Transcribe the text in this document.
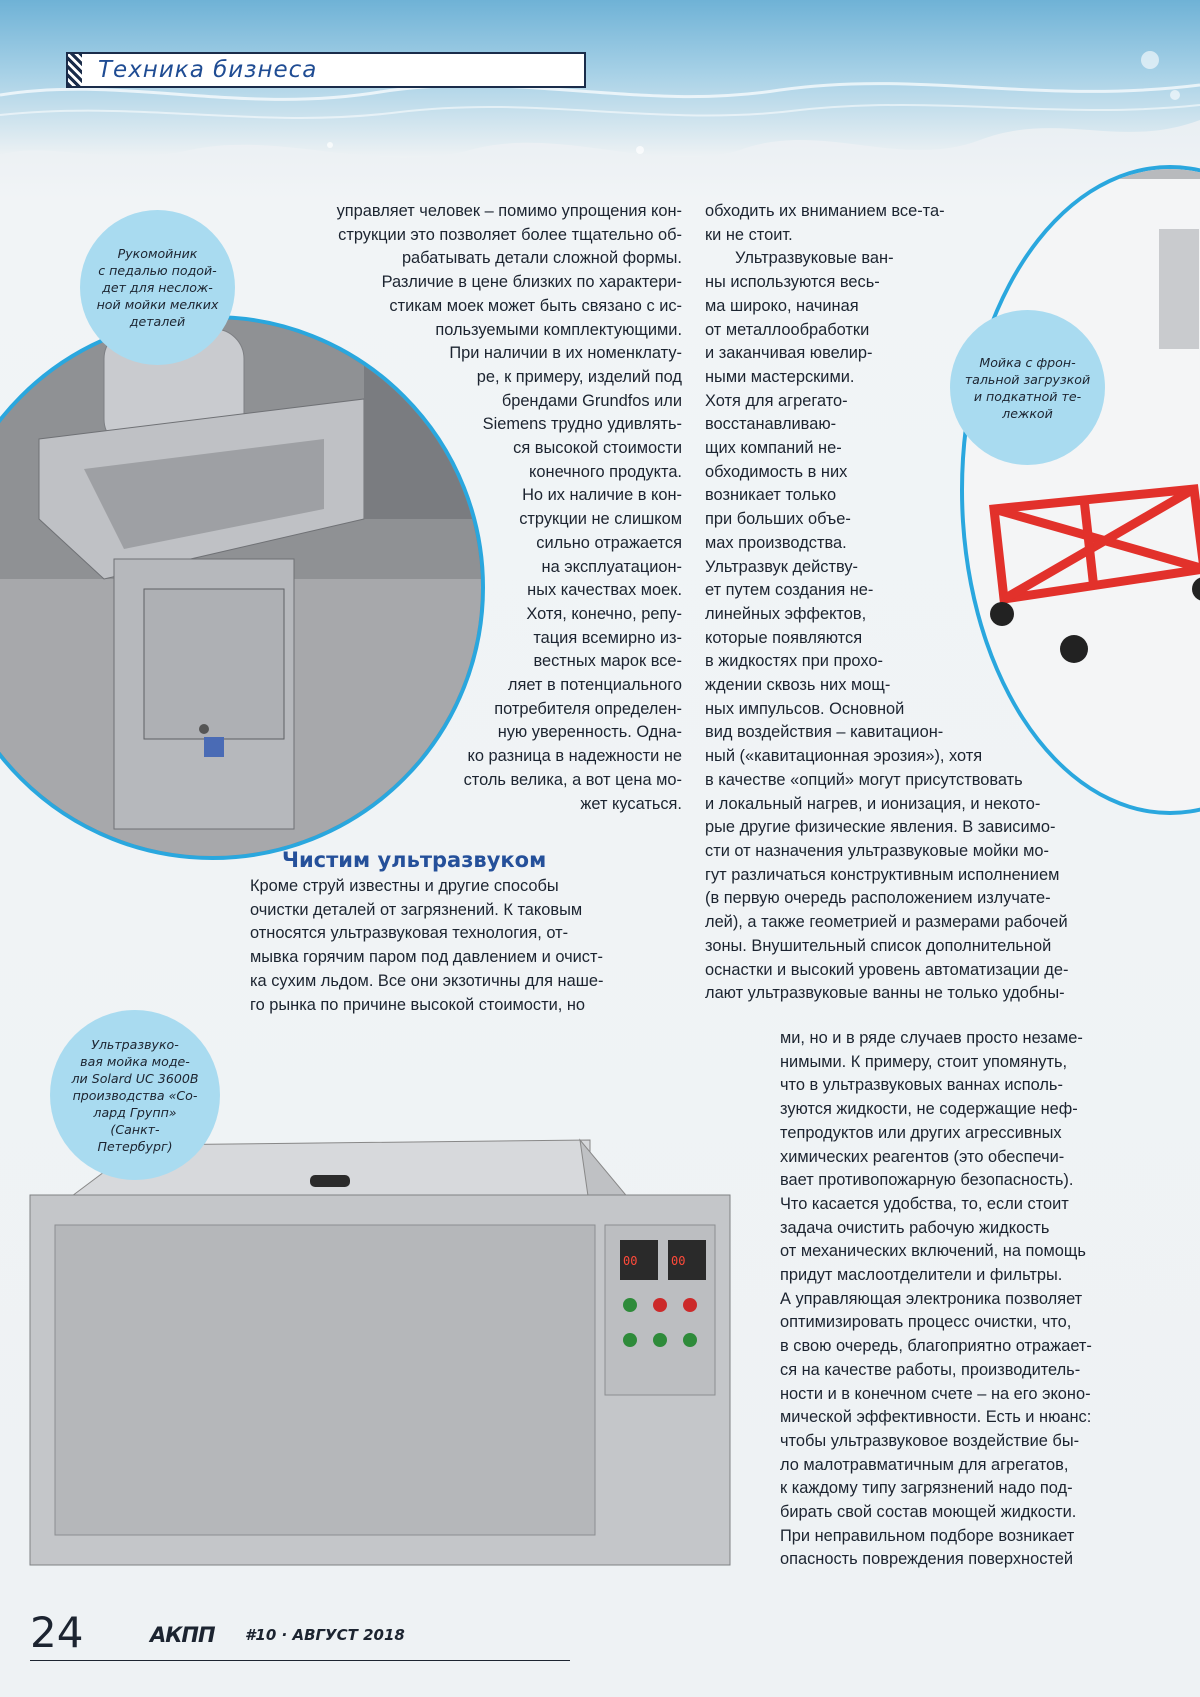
Техника бизнеса
00	00
Рукомойник
с педалью подой-
дет для неслож-
ной мойки мелких
деталей
Мойка с фрон-
тальной загрузкой
и подкатной те-
лежкой
Ультразвуко-
вая мойка моде-
ли Solard UC 3600B
производства «Со-
лард Групп» (Санкт-
Петербург)

управляет человек – помимо упрощения кон-

струкции это позволяет более тщательно об-

рабатывать детали сложной формы.

Различие в цене близких по характери-

стикам моек может быть связано с ис-

пользуемыми комплектующими.

При наличии в их номенклату-

ре, к примеру, изделий под

брендами Grundfos или

Siemens трудно удивлять-

ся высокой стоимости

конечного продукта.

Но их наличие в кон-

струкции не слишком

сильно отражается

на эксплуатацион-

ных качествах моек.

Хотя, конечно, репу-

тация всемирно из-

вестных марок все-

ляет в потенциального

потребителя определен-

ную уверенность. Одна-

ко разница в надежности не

столь велика, а вот цена мо-

жет кусаться.

Чистим ультразвуком

Кроме струй известны и другие способы

очистки деталей от загрязнений. К таковым

относятся ультразвуковая технология, от-

мывка горячим паром под давлением и очист-

ка сухим льдом. Все они экзотичны для наше-

го рынка по причине высокой стоимости, но

обходить их вниманием все-та-

ки не стоит.

Ультразвуковые ван-

ны используются весь-

ма широко, начиная

от металлообработки

и заканчивая ювелир-

ными мастерскими.

Хотя для агрегато-

восстанавливаю-

щих компаний не-

обходимость в них

возникает только

при больших объе-

мах производства.

Ультразвук действу-

ет путем создания не-

линейных эффектов,

которые появляются

в жидкостях при прохо-

ждении сквозь них мощ-

ных импульсов. Основной

вид воздействия – кавитацион-

ный («кавитационная эрозия»), хотя

в качестве «опций» могут присутствовать

и локальный нагрев, и ионизация, и некото-

рые другие физические явления. В зависимо-

сти от назначения ультразвуковые мойки мо-

гут различаться конструктивным исполнением

(в первую очередь расположением излучате-

лей), а также геометрией и размерами рабочей

зоны. Внушительный список дополнительной

оснастки и высокий уровень автоматизации де-

лают ультразвуковые ванны не только удобны-

ми, но и в ряде случаев просто незаме-

нимыми. К примеру, стоит упомянуть,

что в ультразвуковых ваннах исполь-

зуются жидкости, не содержащие неф-

тепродуктов или других агрессивных

химических реагентов (это обеспечи-

вает противопожарную безопасность).

Что касается удобства, то, если стоит

задача очистить рабочую жидкость

от механических включений, на помощь

придут маслоотделители и фильтры.

А управляющая электроника позволяет

оптимизировать процесс очистки, что,

в свою очередь, благоприятно отражает-

ся на качестве работы, производитель-

ности и в конечном счете – на его эконо-

мической эффективности. Есть и нюанс:

чтобы ультразвуковое воздействие бы-

ло малотравматичным для агрегатов,

к каждому типу загрязнений надо под-

бирать свой состав моющей жидкости.

При неправильном подборе возникает

опасность повреждения поверхностей

24	АКПП #10 · АВГУСТ 2018
